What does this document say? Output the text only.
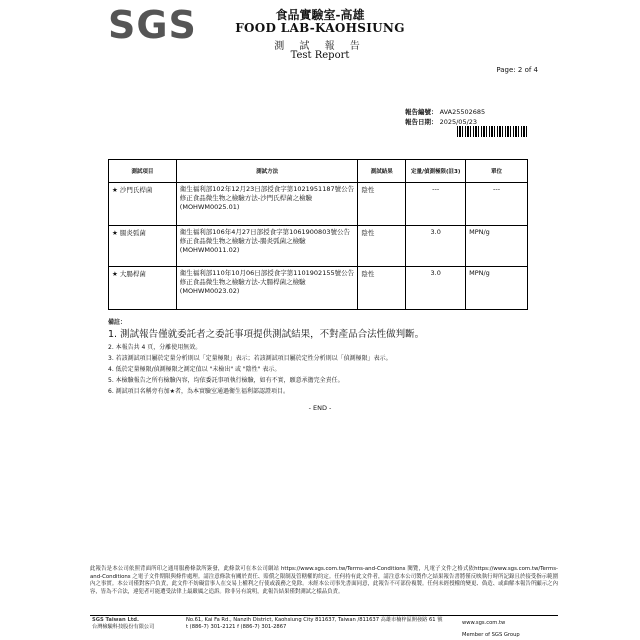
SGS	食品實驗室-高雄
FOOD LAB-KAOHSIUNG
測 試 報 告
Test Report
Page: 2 of 4
報告編號： AVA25502685
報告日期： 2025/05/23
測試項目	測試方法	測試結果	定量/偵測極限(註3)	單位
★ 沙門氏桿菌	衛生福利部102年12月23日部授食字第1021951187號公告修正食品微生物之檢驗方法-沙門氏桿菌之檢驗(MOHWM0025.01)	陰性	---	---
★ 腸炎弧菌	衛生福利部106年4月27日部授食字第1061900803號公告修正食品微生物之檢驗方法-腸炎弧菌之檢驗(MOHWM0011.02)	陰性	3.0	MPN/g
★ 大腸桿菌	衛生福利部110年10月06日部授食字第1101902155號公告修正食品微生物之檢驗方法-大腸桿菌之檢驗(MOHWM0023.02)	陰性	3.0	MPN/g
備註：
1. 測試報告僅就委託者之委託事項提供測試結果，不對產品合法性做判斷。
2. 本報告共 4 頁，分離使用無效。
3. 若該測試項目屬於定量分析則以「定量極限」表示；若該測試項目屬於定性分析則以「偵測極限」表示。
4. 低於定量極限/偵測極限之測定值以 "未檢出" 或 "陰性" 表示。
5. 本檢驗報告之所有檢驗內容，均依委託事項執行檢驗，如有不實，願意承擔完全責任。
6. 測試項目名稱旁有加★者，為本實驗室通過衛生福利部認證項目。
- END -
此報告是本公司依照背面所印之通用服務條款所簽發，此條款可在本公司網站 https://www.sgs.com.tw/Terms-and-Conditions 閱覽，凡電子文件之格式依https://www.sgs.com.tw/Terms-and-Conditions 之電子文件期限與條件處理。請注意條款有關於責任、賠償之限制及管轄權的約定。任何持有此文件者，請注意本公司製作之結果報告書將僅反映執行時所記錄且於接受指示範圍內之事實。本公司僅對客戶負責，此文件不妨礙當事人在交易上權利之行使或義務之免除。未經本公司事先書面同意，此報告不可部份複製。任何未經授權的變更、偽造、或曲解本報告所顯示之內容，皆為不合法，違犯者可能遭受法律上最嚴厲之追訴。除非另有說明，此報告結果僅對測試之樣品負責。
SGS Taiwan Ltd.
台灣檢驗科技股份有限公司
No.61, Kai Fa Rd., Nanzih District, Kaohsiung City 811637, Taiwan /811637 高雄市楠梓區開發路 61 號
t (886-7) 301-2121 f (886-7) 301-2867
www.sgs.com.tw
Member of SGS Group
